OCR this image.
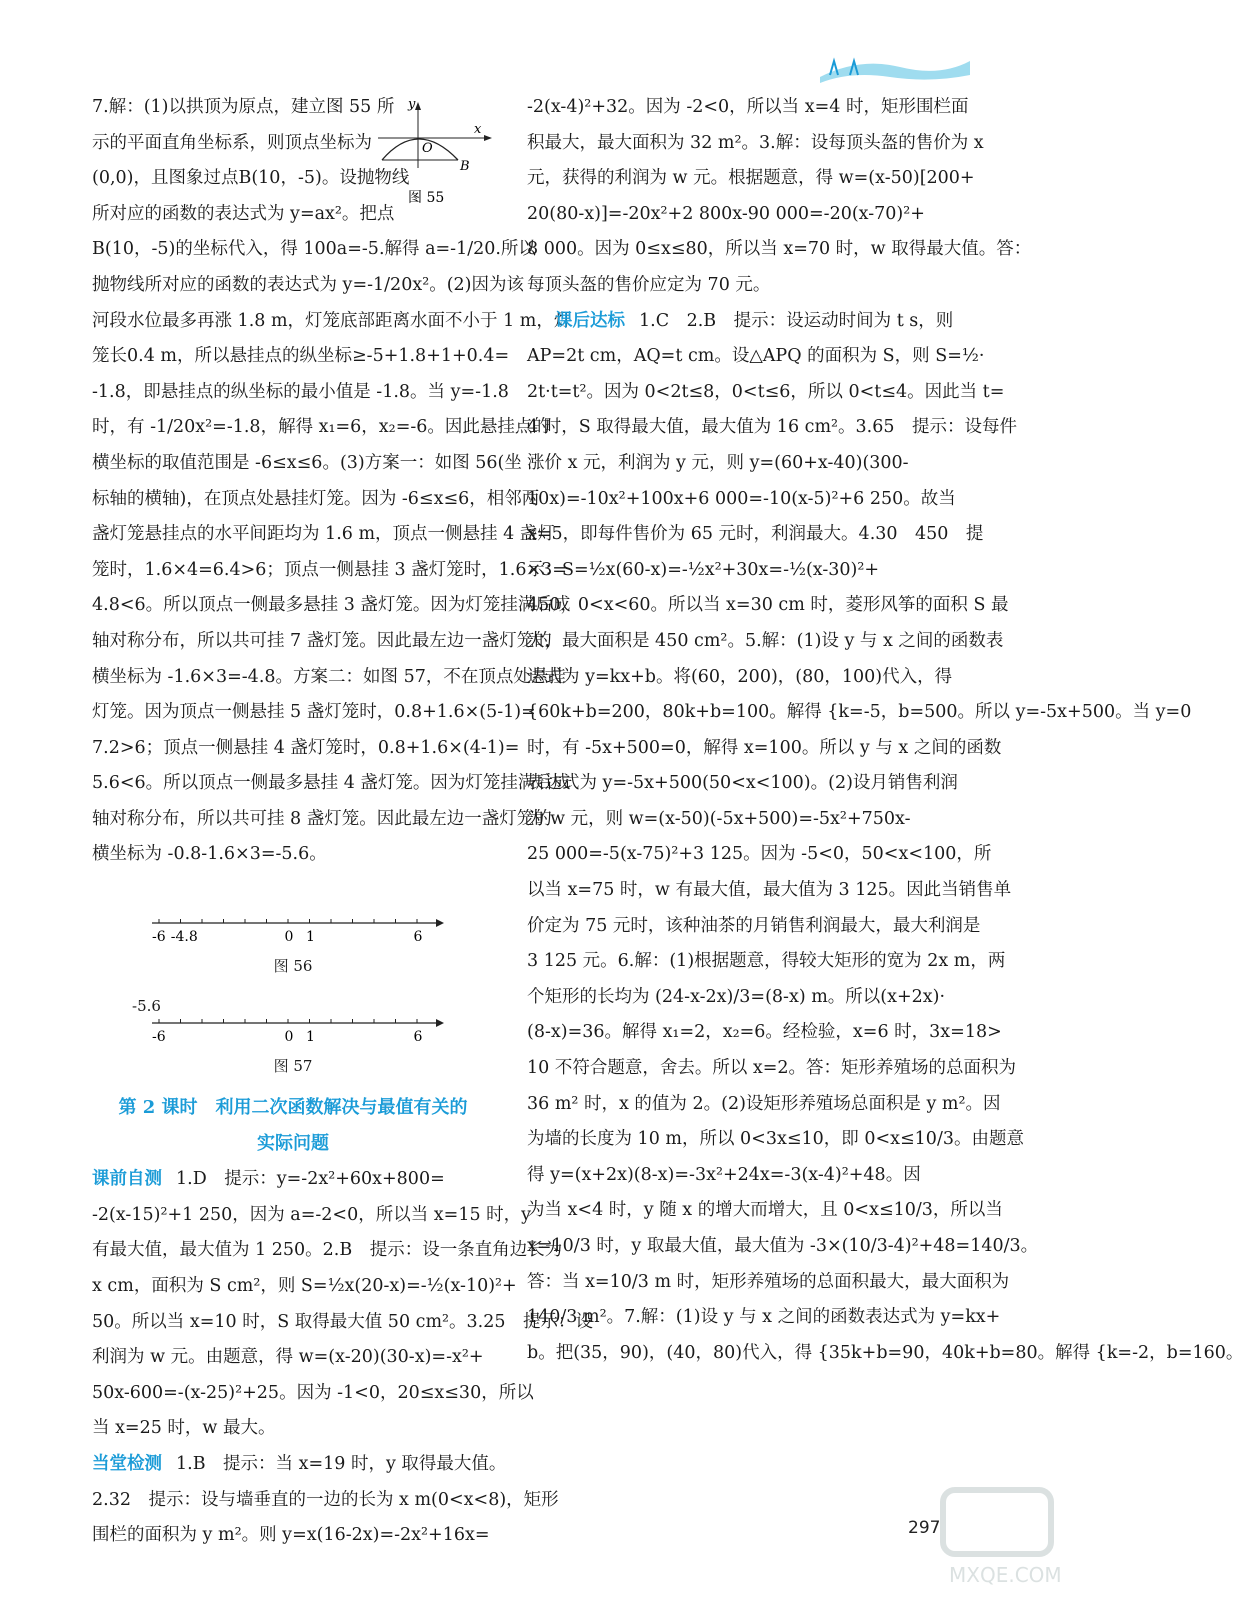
7.解：(1)以拱顶为原点，建立图 55 所

示的平面直角坐标系，则顶点坐标为

(0,0)，且图象过点B(10，-5)。设抛物线

所对应的函数的表达式为 y=ax²。把点

B(10，-5)的坐标代入，得 100a=-5.解得 a=-1/20.所以

抛物线所对应的函数的表达式为 y=-1/20x²。(2)因为该

河段水位最多再涨 1.8 m，灯笼底部距离水面不小于 1 m，灯

笼长0.4 m，所以悬挂点的纵坐标≥-5+1.8+1+0.4=

-1.8，即悬挂点的纵坐标的最小值是 -1.8。当 y=-1.8

时，有 -1/20x²=-1.8，解得 x₁=6，x₂=-6。因此悬挂点的

横坐标的取值范围是 -6≤x≤6。(3)方案一：如图 56(坐

标轴的横轴)，在顶点处悬挂灯笼。因为 -6≤x≤6，相邻两

盏灯笼悬挂点的水平间距均为 1.6 m，顶点一侧悬挂 4 盏灯

笼时，1.6×4=6.4>6；顶点一侧悬挂 3 盏灯笼时，1.6×3=

4.8<6。所以顶点一侧最多悬挂 3 盏灯笼。因为灯笼挂满后成

轴对称分布，所以共可挂 7 盏灯笼。因此最左边一盏灯笼的

横坐标为 -1.6×3=-4.8。方案二：如图 57，不在顶点处悬挂

灯笼。因为顶点一侧悬挂 5 盏灯笼时，0.8+1.6×(5-1)=

7.2>6；顶点一侧悬挂 4 盏灯笼时，0.8+1.6×(4-1)=

5.6<6。所以顶点一侧最多悬挂 4 盏灯笼。因为灯笼挂满后成

轴对称分布，所以共可挂 8 盏灯笼。因此最左边一盏灯笼的

横坐标为 -0.8-1.6×3=-5.6。

-6 -4.8	0 1	6
图 56
-5.6
-6	0 1	6
图 57
第 2 课时　利用二次函数解决与最值有关的
实际问题

课前自测 1.D　提示：y=-2x²+60x+800=

-2(x-15)²+1 250，因为 a=-2<0，所以当 x=15 时，y

有最大值，最大值为 1 250。2.B　提示：设一条直角边长为

x cm，面积为 S cm²，则 S=½x(20-x)=-½(x-10)²+

50。所以当 x=10 时，S 取得最大值 50 cm²。3.25　提示：设

利润为 w 元。由题意，得 w=(x-20)(30-x)=-x²+

50x-600=-(x-25)²+25。因为 -1<0，20≤x≤30，所以

当 x=25 时，w 最大。

当堂检测 1.B　提示：当 x=19 时，y 取得最大值。

2.32　提示：设与墙垂直的一边的长为 x m(0<x<8)，矩形

围栏的面积为 y m²。则 y=x(16-2x)=-2x²+16x=

y
x
O
B
图 55

-2(x-4)²+32。因为 -2<0，所以当 x=4 时，矩形围栏面

积最大，最大面积为 32 m²。3.解：设每顶头盔的售价为 x

元，获得的利润为 w 元。根据题意，得 w=(x-50)[200+

20(80-x)]=-20x²+2 800x-90 000=-20(x-70)²+

8 000。因为 0≤x≤80，所以当 x=70 时，w 取得最大值。答：

每顶头盔的售价应定为 70 元。

课后达标 1.C　2.B　提示：设运动时间为 t s，则

AP=2t cm，AQ=t cm。设△APQ 的面积为 S，则 S=½·

2t·t=t²。因为 0<2t≤8，0<t≤6，所以 0<t≤4。因此当 t=

4 时，S 取得最大值，最大值为 16 cm²。3.65　提示：设每件

涨价 x 元，利润为 y 元，则 y=(60+x-40)(300-

10x)=-10x²+100x+6 000=-10(x-5)²+6 250。故当

x=5，即每件售价为 65 元时，利润最大。4.30　450　提

示：S=½x(60-x)=-½x²+30x=-½(x-30)²+

450，0<x<60。所以当 x=30 cm 时，菱形风筝的面积 S 最

大，最大面积是 450 cm²。5.解：(1)设 y 与 x 之间的函数表

达式为 y=kx+b。将(60，200)，(80，100)代入，得

{60k+b=200，80k+b=100。解得 {k=-5，b=500。所以 y=-5x+500。当 y=0

时，有 -5x+500=0，解得 x=100。所以 y 与 x 之间的函数

表达式为 y=-5x+500(50<x<100)。(2)设月销售利润

为 w 元，则 w=(x-50)(-5x+500)=-5x²+750x-

25 000=-5(x-75)²+3 125。因为 -5<0，50<x<100，所

以当 x=75 时，w 有最大值，最大值为 3 125。因此当销售单

价定为 75 元时，该种油茶的月销售利润最大，最大利润是

3 125 元。6.解：(1)根据题意，得较大矩形的宽为 2x m，两

个矩形的长均为 (24-x-2x)/3=(8-x) m。所以(x+2x)·

(8-x)=36。解得 x₁=2，x₂=6。经检验，x=6 时，3x=18>

10 不符合题意，舍去。所以 x=2。答：矩形养殖场的总面积为

36 m² 时，x 的值为 2。(2)设矩形养殖场总面积是 y m²。因

为墙的长度为 10 m，所以 0<3x≤10，即 0<x≤10/3。由题意

得 y=(x+2x)(8-x)=-3x²+24x=-3(x-4)²+48。因

为当 x<4 时，y 随 x 的增大而增大，且 0<x≤10/3，所以当

x=10/3 时，y 取最大值，最大值为 -3×(10/3-4)²+48=140/3。

答：当 x=10/3 m 时，矩形养殖场的总面积最大，最大面积为

140/3 m²。7.解：(1)设 y 与 x 之间的函数表达式为 y=kx+

b。把(35，90)，(40，80)代入，得 {35k+b=90，40k+b=80。解得 {k=-2，b=160。

297
MXQE.COM
